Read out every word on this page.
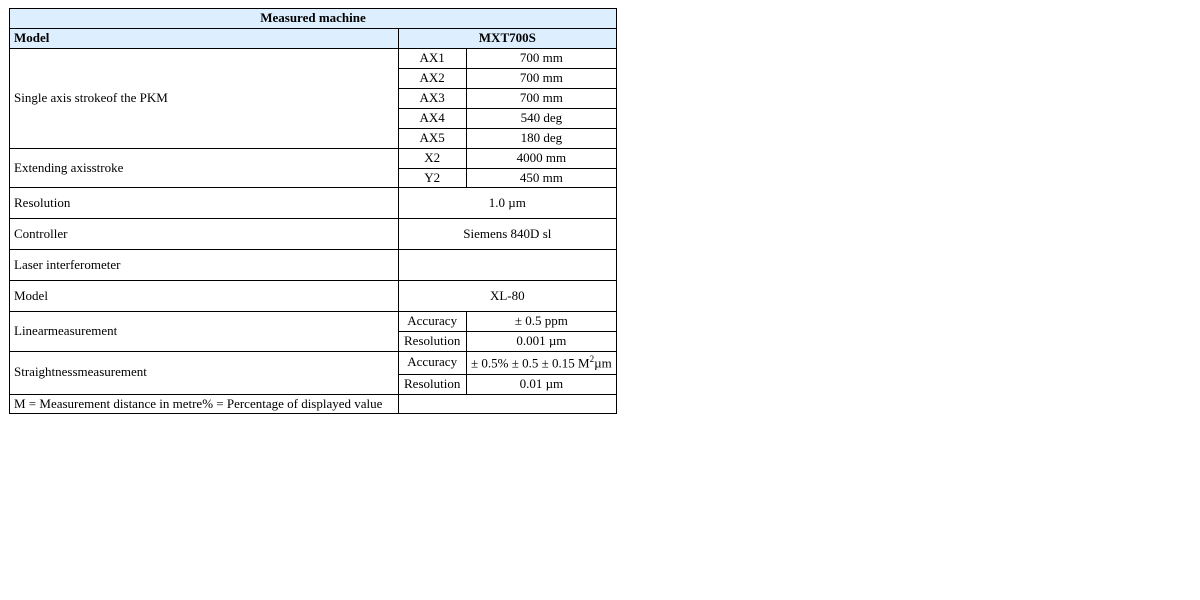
Measured machine		
Model	MXT700S	
Single axis strokeof the PKM	AX1	700 mm
	AX2	700 mm
	AX3	700 mm
	AX4	540 deg
	AX5	180 deg
Extending axisstroke	X2	4000 mm
	Y2	450 mm
Resolution	1.0 µm	
Controller	Siemens 840D sl	
Laser interferometer		
Model	XL-80	
Linearmeasurement	Accuracy	± 0.5 ppm
	Resolution	0.001 µm
Straightnessmeasurement	Accuracy	± 0.5% ± 0.5 ± 0.15 $M^2\mu m$
	Resolution	0.01 µm
M = Measurement distance in metre% = Percentage of displayed value		
